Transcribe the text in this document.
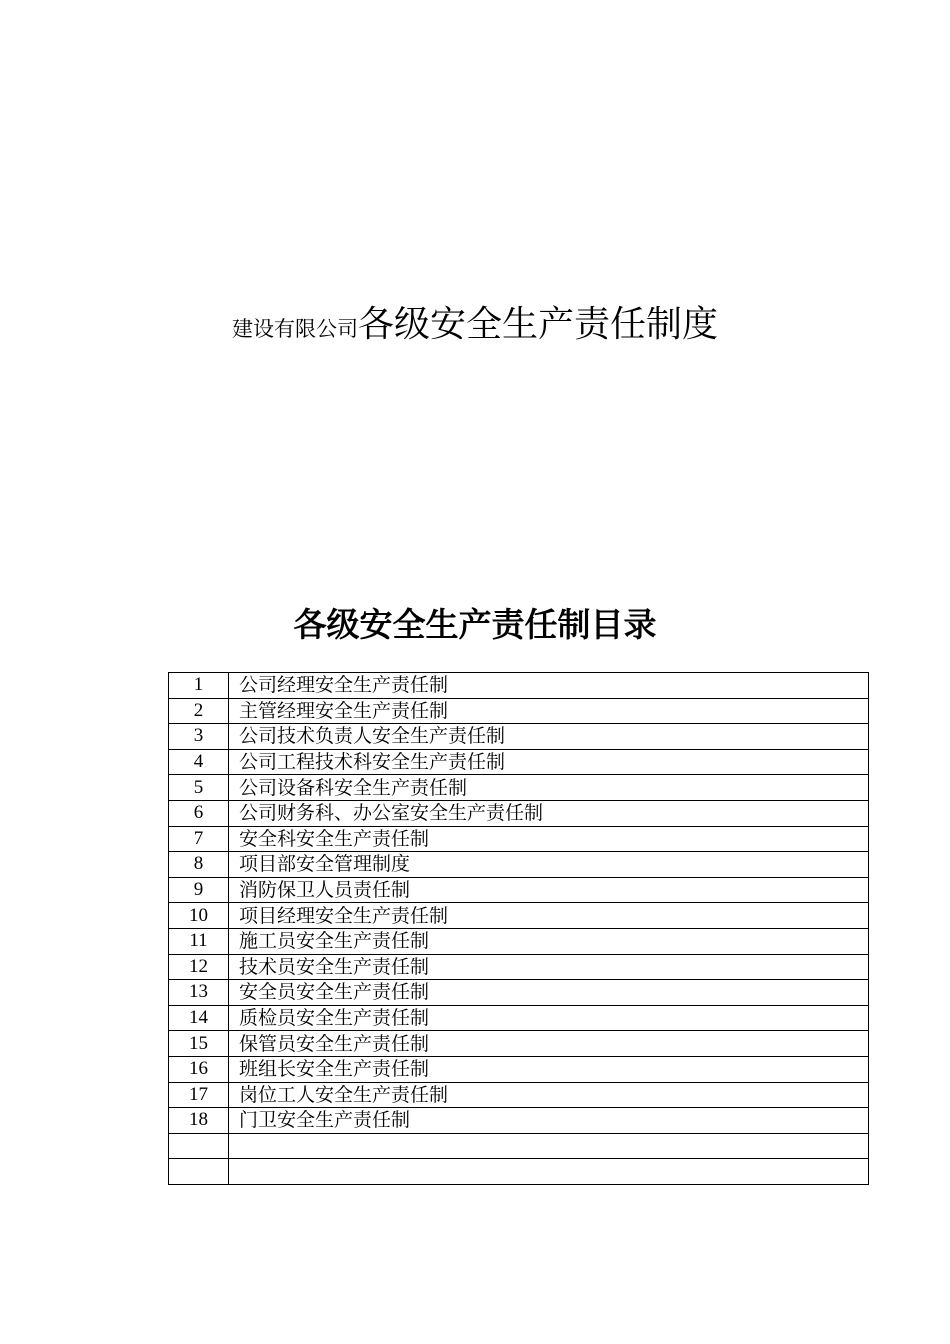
建设有限公司各级安全生产责任制度
各级安全生产责任制目录
1	公司经理安全生产责任制
2	主管经理安全生产责任制
3	公司技术负责人安全生产责任制
4	公司工程技术科安全生产责任制
5	公司设备科安全生产责任制
6	公司财务科、办公室安全生产责任制
7	安全科安全生产责任制
8	项目部安全管理制度
9	消防保卫人员责任制
10	项目经理安全生产责任制
11	施工员安全生产责任制
12	技术员安全生产责任制
13	安全员安全生产责任制
14	质检员安全生产责任制
15	保管员安全生产责任制
16	班组长安全生产责任制
17	岗位工人安全生产责任制
18	门卫安全生产责任制
